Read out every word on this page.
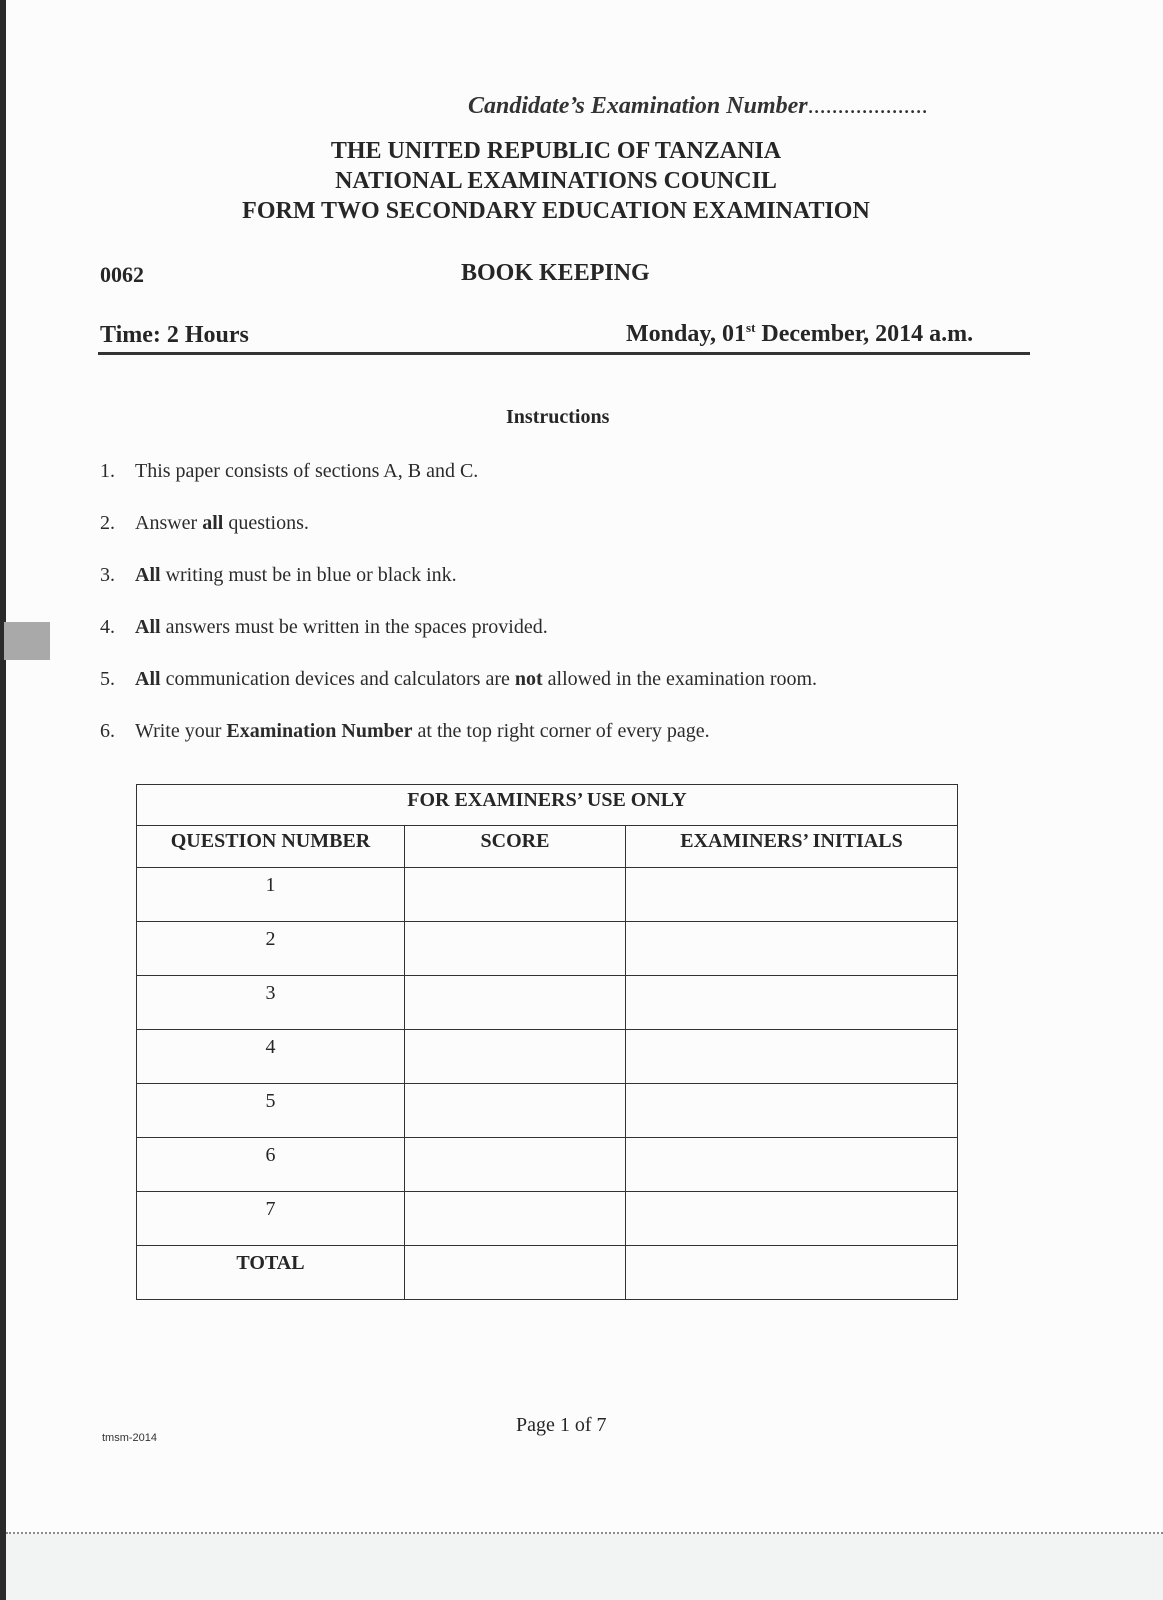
Candidate’s Examination Number....................
THE UNITED REPUBLIC OF TANZANIA
NATIONAL EXAMINATIONS COUNCIL
FORM TWO SECONDARY EDUCATION EXAMINATION
0062	BOOK KEEPING
Time: 2 Hours	Monday, 01st December, 2014 a.m.
Instructions
1. This paper consists of sections A, B and C.
2. Answer all questions.
3. All writing must be in blue or black ink.
4. All answers must be written in the spaces provided.
5. All communication devices and calculators are not allowed in the examination room.
6. Write your Examination Number at the top right corner of every page.
FOR EXAMINERS’ USE ONLY		
QUESTION NUMBER	SCORE	EXAMINERS’ INITIALS
1		
2		
3		
4		
5		
6		
7		
TOTAL		
tmsm-2014
Page 1 of 7
